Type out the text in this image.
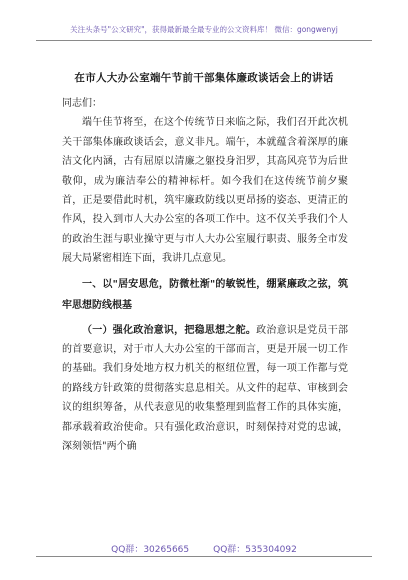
关注头条号"公文研究"，获得最新最全最专业的公文资料库！ 微信：gongwenyj
在市人大办公室端午节前干部集体廉政谈话会上的讲话

同志们：

端午佳节将至，在这个传统节日来临之际，我们召开此次机关干部集体廉政谈话会，意义非凡。端午，本就蕴含着深厚的廉洁文化内涵，古有屈原以清廉之躯投身汨罗，其高风亮节为后世敬仰，成为廉洁奉公的精神标杆。如今我们在这传统节前夕聚首，正是要借此时机，筑牢廉政防线以更昂扬的姿态、更清正的作风，投入到市人大办公室的各项工作中。这不仅关乎我们个人的政治生涯与职业操守更与市人大办公室履行职责、服务全市发展大局紧密相连下面，我讲几点意见。

一、以"居安思危，防微杜渐"的敏锐性，绷紧廉政之弦，筑牢思想防线根基

（一）强化政治意识，把稳思想之舵。政治意识是党员干部的首要意识，对于市人大办公室的干部而言，更是开展一切工作的基础。我们身处地方权力机关的枢纽位置，每一项工作都与党的路线方针政策的贯彻落实息息相关。从文件的起草、审核到会议的组织筹备，从代表意见的收集整理到监督工作的具体实施，都承载着政治使命。只有强化政治意识，时刻保持对党的忠诚，深刻领悟"两个确

QQ群：30265665	QQ群：535304092
